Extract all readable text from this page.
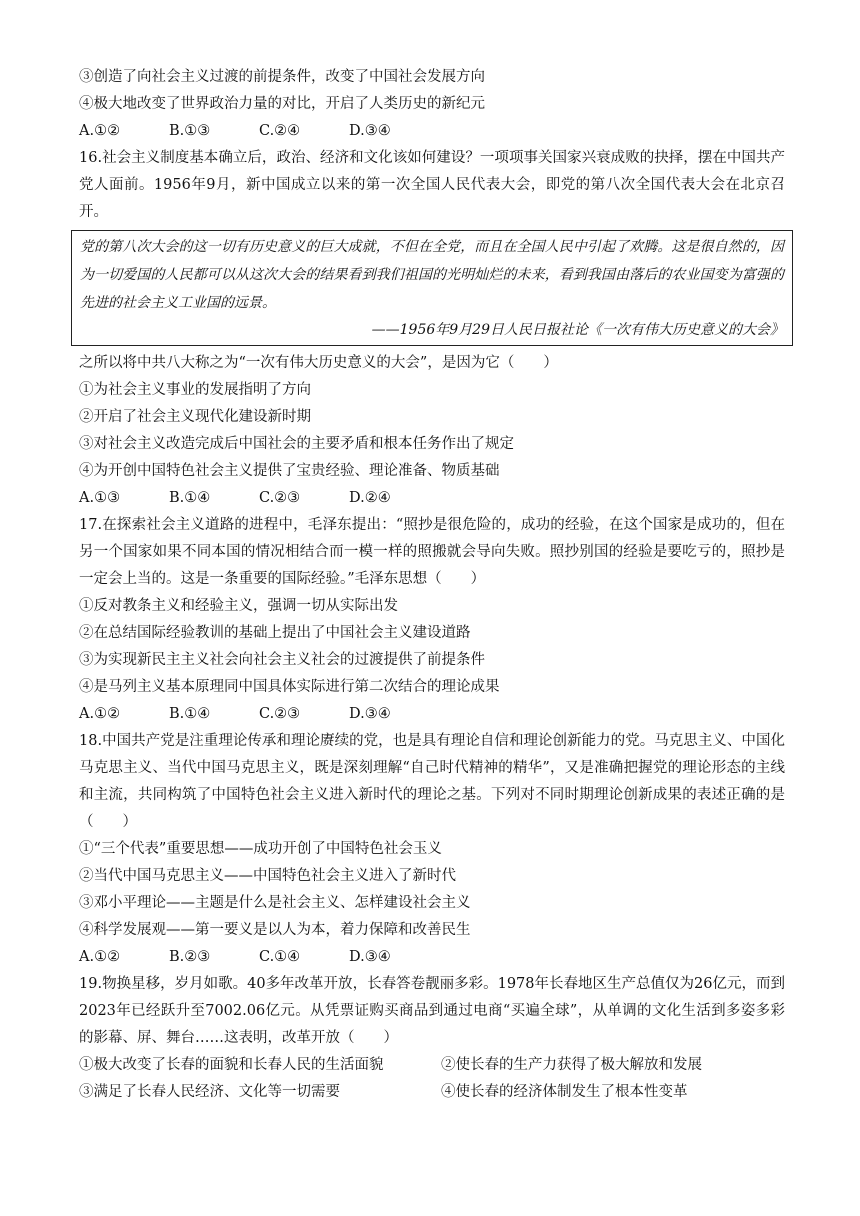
③创造了向社会主义过渡的前提条件，改变了中国社会发展方向
④极大地改变了世界政治力量的对比，开启了人类历史的新纪元
A.①②	B.①③	C.②④	D.③④
16.社会主义制度基本确立后，政治、经济和文化该如何建设？一项项事关国家兴衰成败的抉择，摆在中国共产党人面前。1956年9月，新中国成立以来的第一次全国人民代表大会，即党的第八次全国代表大会在北京召开。
党的第八次大会的这一切有历史意义的巨大成就，不但在全党，而且在全国人民中引起了欢腾。这是很自然的，因为一切爱国的人民都可以从这次大会的结果看到我们祖国的光明灿烂的未来，看到我国由落后的农业国变为富强的先进的社会主义工业国的远景。
——1956年9月29日人民日报社论《一次有伟大历史意义的大会》
之所以将中共八大称之为“一次有伟大历史意义的大会”，是因为它（　　）
①为社会主义事业的发展指明了方向
②开启了社会主义现代化建设新时期
③对社会主义改造完成后中国社会的主要矛盾和根本任务作出了规定
④为开创中国特色社会主义提供了宝贵经验、理论准备、物质基础
A.①③	B.①④	C.②③	D.②④
17.在探索社会主义道路的进程中，毛泽东提出：“照抄是很危险的，成功的经验，在这个国家是成功的，但在另一个国家如果不同本国的情况相结合而一模一样的照搬就会导向失败。照抄别国的经验是要吃亏的，照抄是一定会上当的。这是一条重要的国际经验。”毛泽东思想（　　）
①反对教条主义和经验主义，强调一切从实际出发
②在总结国际经验教训的基础上提出了中国社会主义建设道路
③为实现新民主主义社会向社会主义社会的过渡提供了前提条件
④是马列主义基本原理同中国具体实际进行第二次结合的理论成果
A.①②	B.①④	C.②③	D.③④
18.中国共产党是注重理论传承和理论赓续的党，也是具有理论自信和理论创新能力的党。马克思主义、中国化马克思主义、当代中国马克思主义，既是深刻理解“自己时代精神的精华”，又是准确把握党的理论形态的主线和主流，共同构筑了中国特色社会主义进入新时代的理论之基。下列对不同时期理论创新成果的表述正确的是（　　）
①“三个代表”重要思想——成功开创了中国特色社会玉义
②当代中国马克思主义——中国特色社会主义进入了新时代
③邓小平理论——主题是什么是社会主义、怎样建设社会主义
④科学发展观——第一要义是以人为本，着力保障和改善民生
A.①②	B.②③	C.①④	D.③④
19.物换星移，岁月如歌。40多年改革开放，长春答卷靓丽多彩。1978年长春地区生产总值仅为26亿元，而到2023年已经跃升至7002.06亿元。从凭票证购买商品到通过电商“买遍全球”，从单调的文化生活到多姿多彩的影幕、屏、舞台……这表明，改革开放（　　）
①极大改变了长春的面貌和长春人民的生活面貌	②使长春的生产力获得了极大解放和发展
③满足了长春人民经济、文化等一切需要	④使长春的经济体制发生了根本性变革
